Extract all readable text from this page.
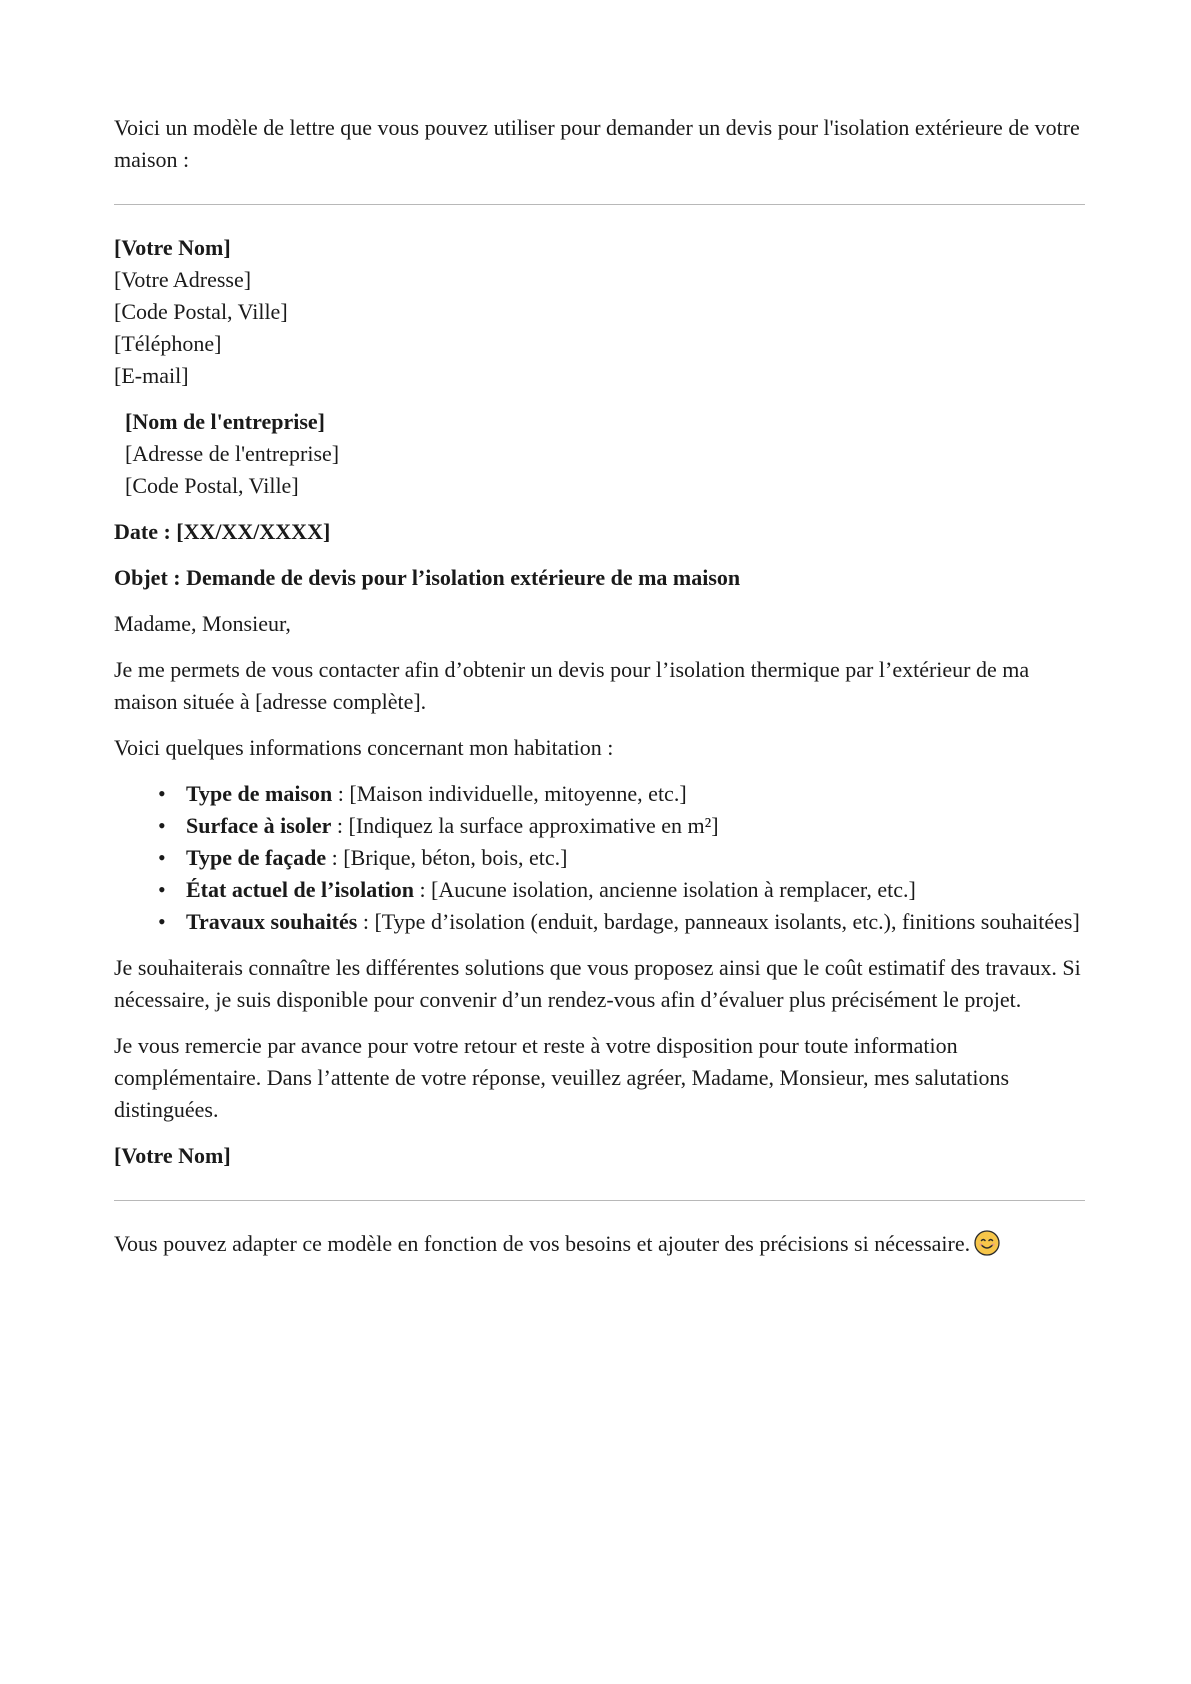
Voici un modèle de lettre que vous pouvez utiliser pour demander un devis pour l'isolation extérieure de votre maison :

[Votre Nom]
[Votre Adresse]
[Code Postal, Ville]
[Téléphone]
[E-mail]
[Nom de l'entreprise]
[Adresse de l'entreprise]
[Code Postal, Ville]

Date : [XX/XX/XXXX]

Objet : Demande de devis pour l’isolation extérieure de ma maison

Madame, Monsieur,

Je me permets de vous contacter afin d’obtenir un devis pour l’isolation thermique par l’extérieur de ma maison située à [adresse complète].

Voici quelques informations concernant mon habitation :

• Type de maison : [Maison individuelle, mitoyenne, etc.]
• Surface à isoler : [Indiquez la surface approximative en m²]
• Type de façade : [Brique, béton, bois, etc.]
• État actuel de l’isolation : [Aucune isolation, ancienne isolation à remplacer, etc.]
• Travaux souhaités : [Type d’isolation (enduit, bardage, panneaux isolants, etc.), finitions souhaitées]

Je souhaiterais connaître les différentes solutions que vous proposez ainsi que le coût estimatif des travaux. Si nécessaire, je suis disponible pour convenir d’un rendez-vous afin d’évaluer plus précisément le projet.

Je vous remercie par avance pour votre retour et reste à votre disposition pour toute information complémentaire. Dans l’attente de votre réponse, veuillez agréer, Madame, Monsieur, mes salutations distinguées.

[Votre Nom]

Vous pouvez adapter ce modèle en fonction de vos besoins et ajouter des précisions si nécessaire.
